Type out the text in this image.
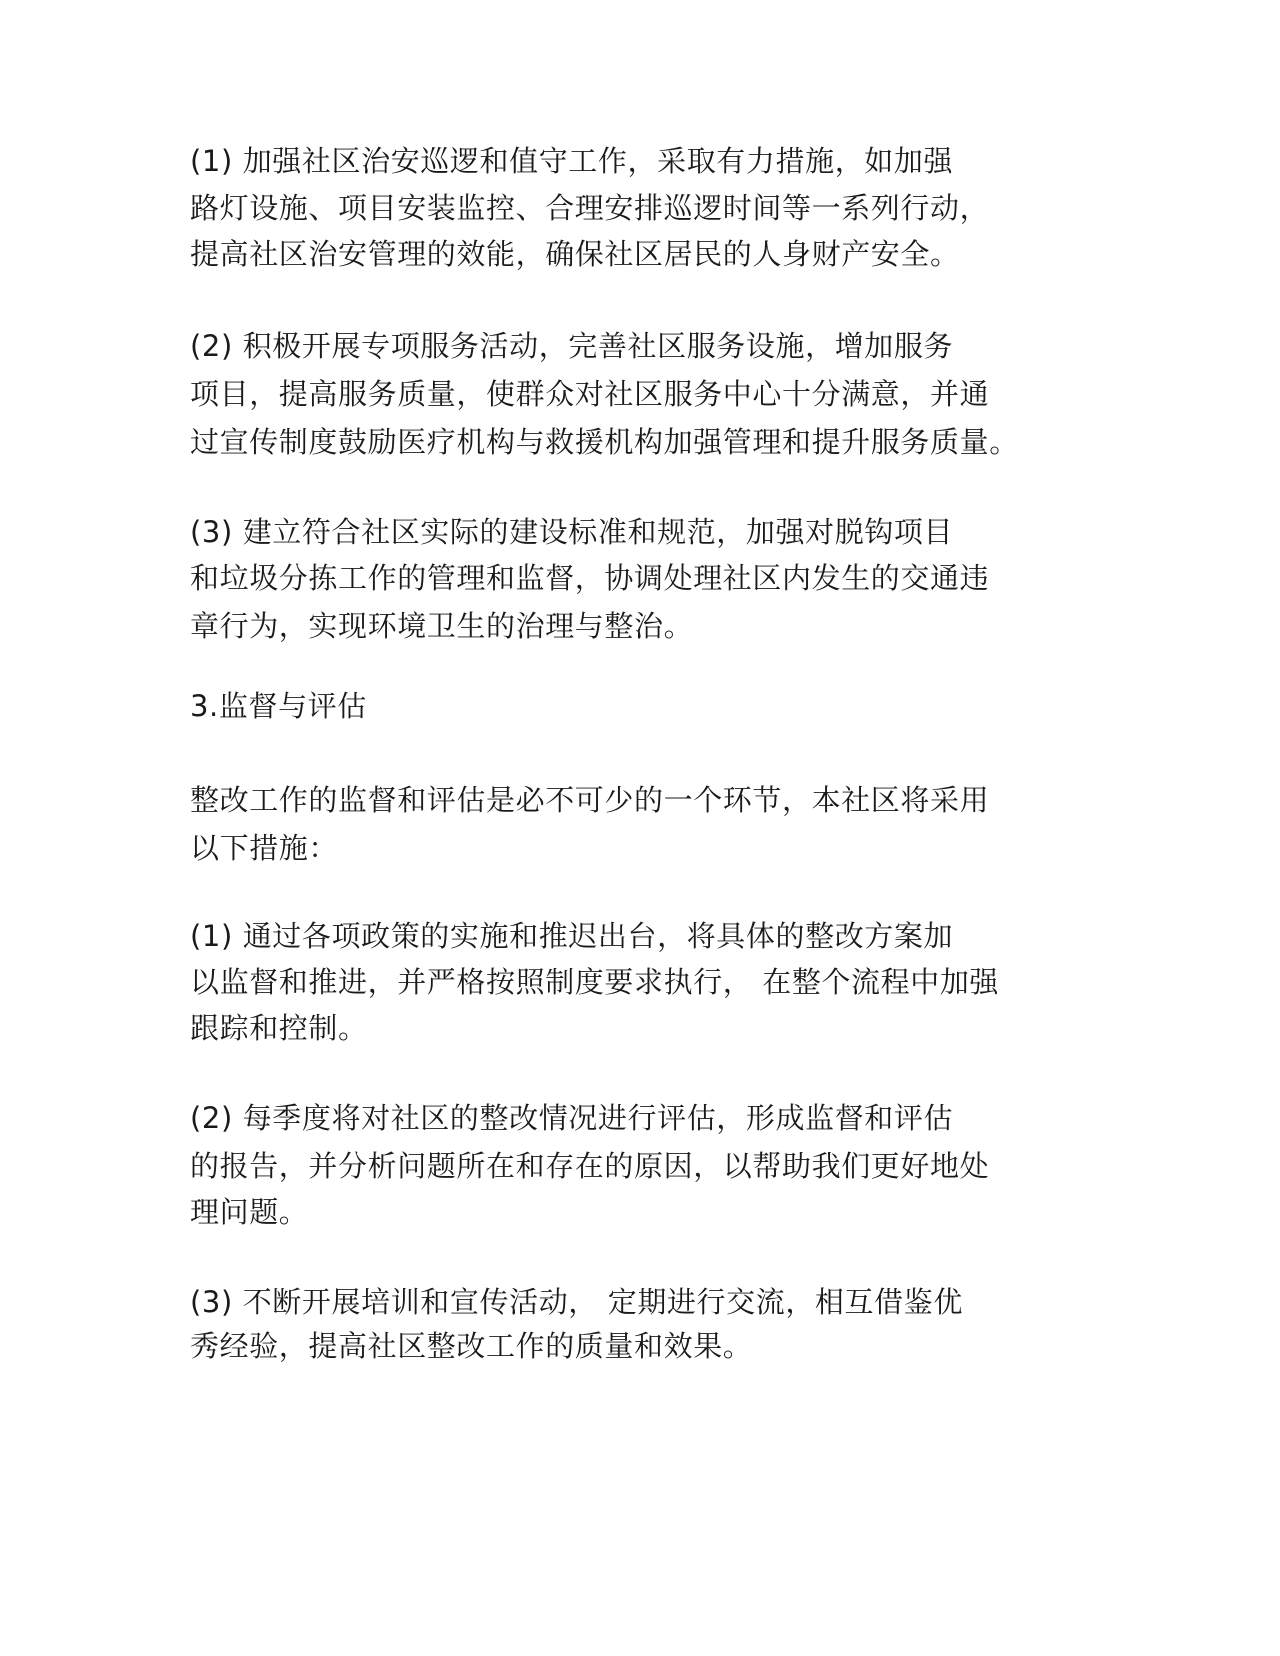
(1) 加强社区治安巡逻和值守工作，采取有力措施，如加强
路灯设施、项目安装监控、合理安排巡逻时间等一系列行动，
提高社区治安管理的效能，确保社区居民的人身财产安全。
(2) 积极开展专项服务活动，完善社区服务设施，增加服务
项目，提高服务质量，使群众对社区服务中心十分满意，并通
过宣传制度鼓励医疗机构与救援机构加强管理和提升服务质量。
(3) 建立符合社区实际的建设标准和规范，加强对脱钩项目
和垃圾分拣工作的管理和监督，协调处理社区内发生的交通违
章行为，实现环境卫生的治理与整治。
3.监督与评估
整改工作的监督和评估是必不可少的一个环节，本社区将采用
以下措施：
(1) 通过各项政策的实施和推迟出台，将具体的整改方案加
以监督和推进，并严格按照制度要求执行， 在整个流程中加强
跟踪和控制。
(2) 每季度将对社区的整改情况进行评估，形成监督和评估
的报告，并分析问题所在和存在的原因，以帮助我们更好地处
理问题。
(3) 不断开展培训和宣传活动， 定期进行交流，相互借鉴优
秀经验，提高社区整改工作的质量和效果。
